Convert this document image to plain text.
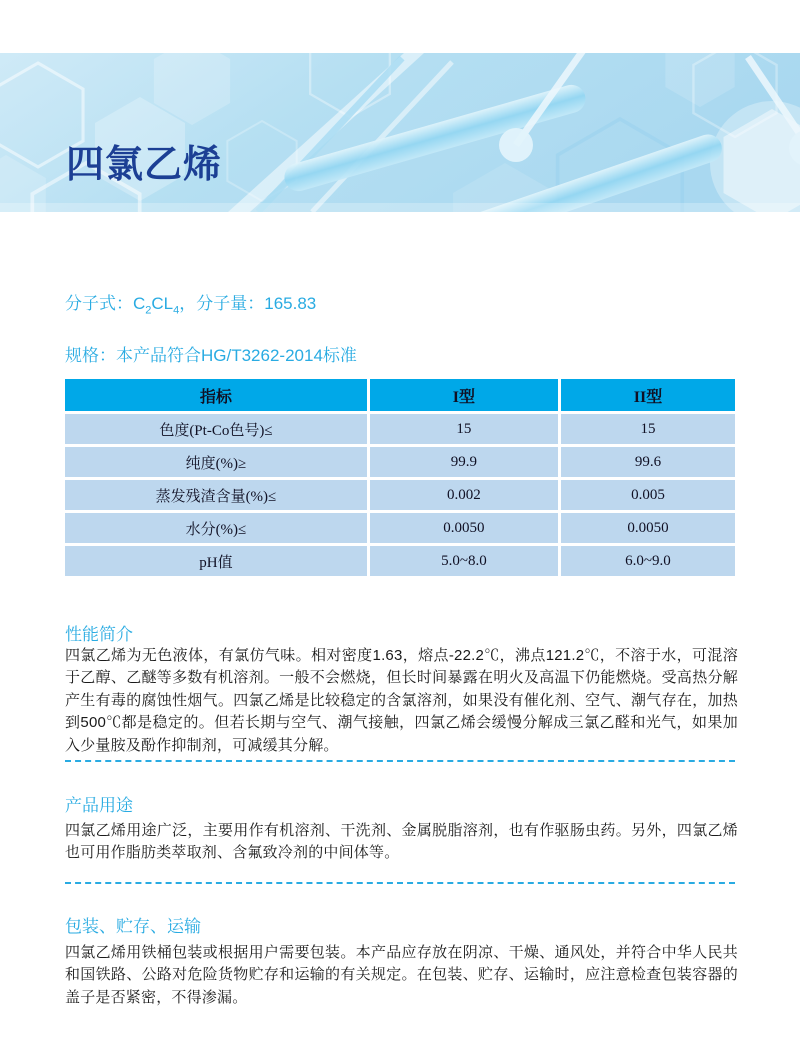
四氯乙烯
分子式：$C_2CL_4$，分子量：165.83
规格：本产品符合HG/T3262-2014标准
指标	I型	II型
色度(Pt-Co色号)≤	15	15
纯度(%)≥	99.9	99.6
蒸发残渣含量(%)≤	0.002	0.005
水分(%)≤	0.0050	0.0050
pH值	5.0~8.0	6.0~9.0
性能简介

四氯乙烯为无色液体，有氯仿气味。相对密度1.63，熔点-22.2℃，沸点121.2℃，不溶于水，可混溶于乙醇、乙醚等多数有机溶剂。一般不会燃烧，但长时间暴露在明火及高温下仍能燃烧。受高热分解产生有毒的腐蚀性烟气。四氯乙烯是比较稳定的含氯溶剂，如果没有催化剂、空气、潮气存在，加热到500℃都是稳定的。但若长期与空气、潮气接触，四氯乙烯会缓慢分解成三氯乙醛和光气，如果加入少量胺及酚作抑制剂，可减缓其分解。

产品用途

四氯乙烯用途广泛，主要用作有机溶剂、干洗剂、金属脱脂溶剂，也有作驱肠虫药。另外，四氯乙烯也可用作脂肪类萃取剂、含氟致冷剂的中间体等。

包装、贮存、运输

四氯乙烯用铁桶包装或根据用户需要包装。本产品应存放在阴凉、干燥、通风处，并符合中华人民共和国铁路、公路对危险货物贮存和运输的有关规定。在包装、贮存、运输时，应注意检查包装容器的盖子是否紧密，不得渗漏。
